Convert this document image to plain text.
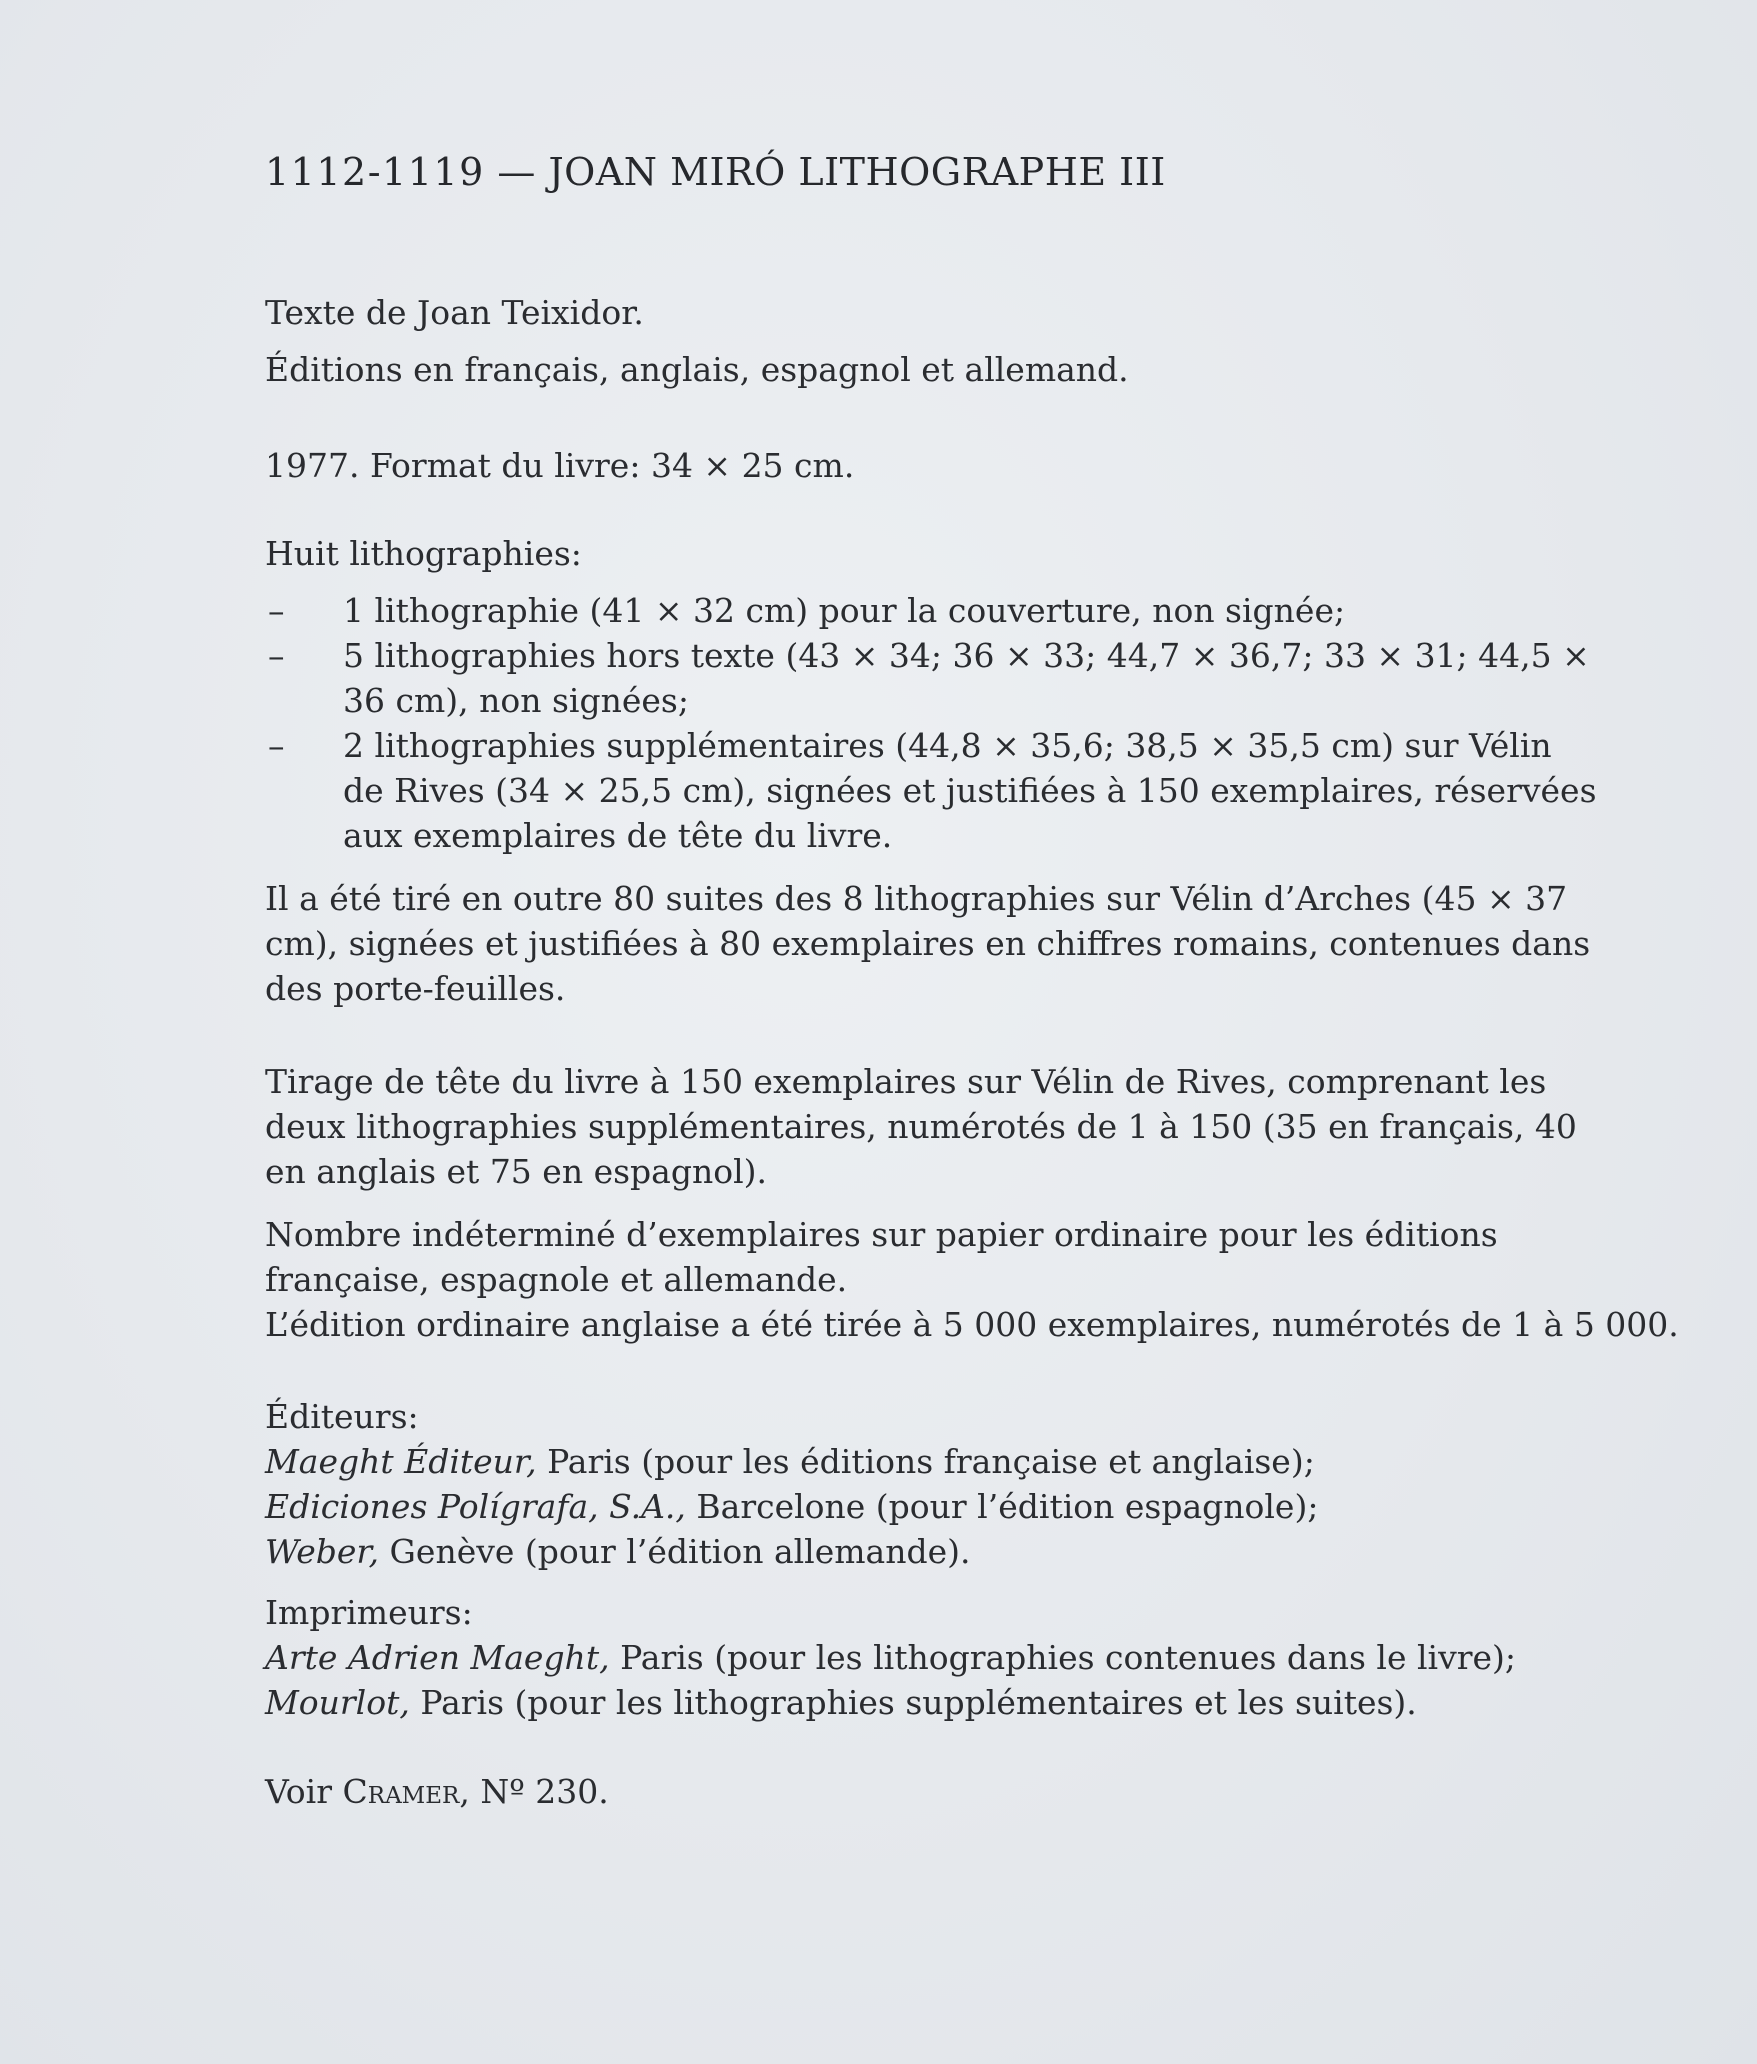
1112-1119 — JOAN MIRÓ LITHOGRAPHE III
Texte de Joan Teixidor.
Éditions en français, anglais, espagnol et allemand.
1977. Format du livre: 34 × 25 cm.
Huit lithographies:
– 1 lithographie (41 × 32 cm) pour la couverture, non signée;
– 5 lithographies hors texte (43 × 34; 36 × 33; 44,7 × 36,7; 33 × 31; 44,5 × 36 cm), non signées;
– 2 lithographies supplémentaires (44,8 × 35,6; 38,5 × 35,5 cm) sur Vélin de Rives (34 × 25,5 cm), signées et justifiées à 150 exemplaires, réservées aux exemplaires de tête du livre.
Il a été tiré en outre 80 suites des 8 lithographies sur Vélin d’Arches (45 × 37 cm), signées et justifiées à 80 exemplaires en chiffres romains, contenues dans des porte-feuilles.
Tirage de tête du livre à 150 exemplaires sur Vélin de Rives, comprenant les deux lithographies supplémentaires, numérotés de 1 à 150 (35 en français, 40 en anglais et 75 en espagnol).
Nombre indéterminé d’exemplaires sur papier ordinaire pour les éditions française, espagnole et allemande.
L’édition ordinaire anglaise a été tirée à 5 000 exemplaires, numérotés de 1 à 5 000.
Éditeurs:
Maeght Éditeur, Paris (pour les éditions française et anglaise);
Ediciones Polígrafa, S.A., Barcelone (pour l’édition espagnole);
Weber, Genève (pour l’édition allemande).
Imprimeurs:
Arte Adrien Maeght, Paris (pour les lithographies contenues dans le livre);
Mourlot, Paris (pour les lithographies supplémentaires et les suites).
Voir Cramer, Nº 230.
